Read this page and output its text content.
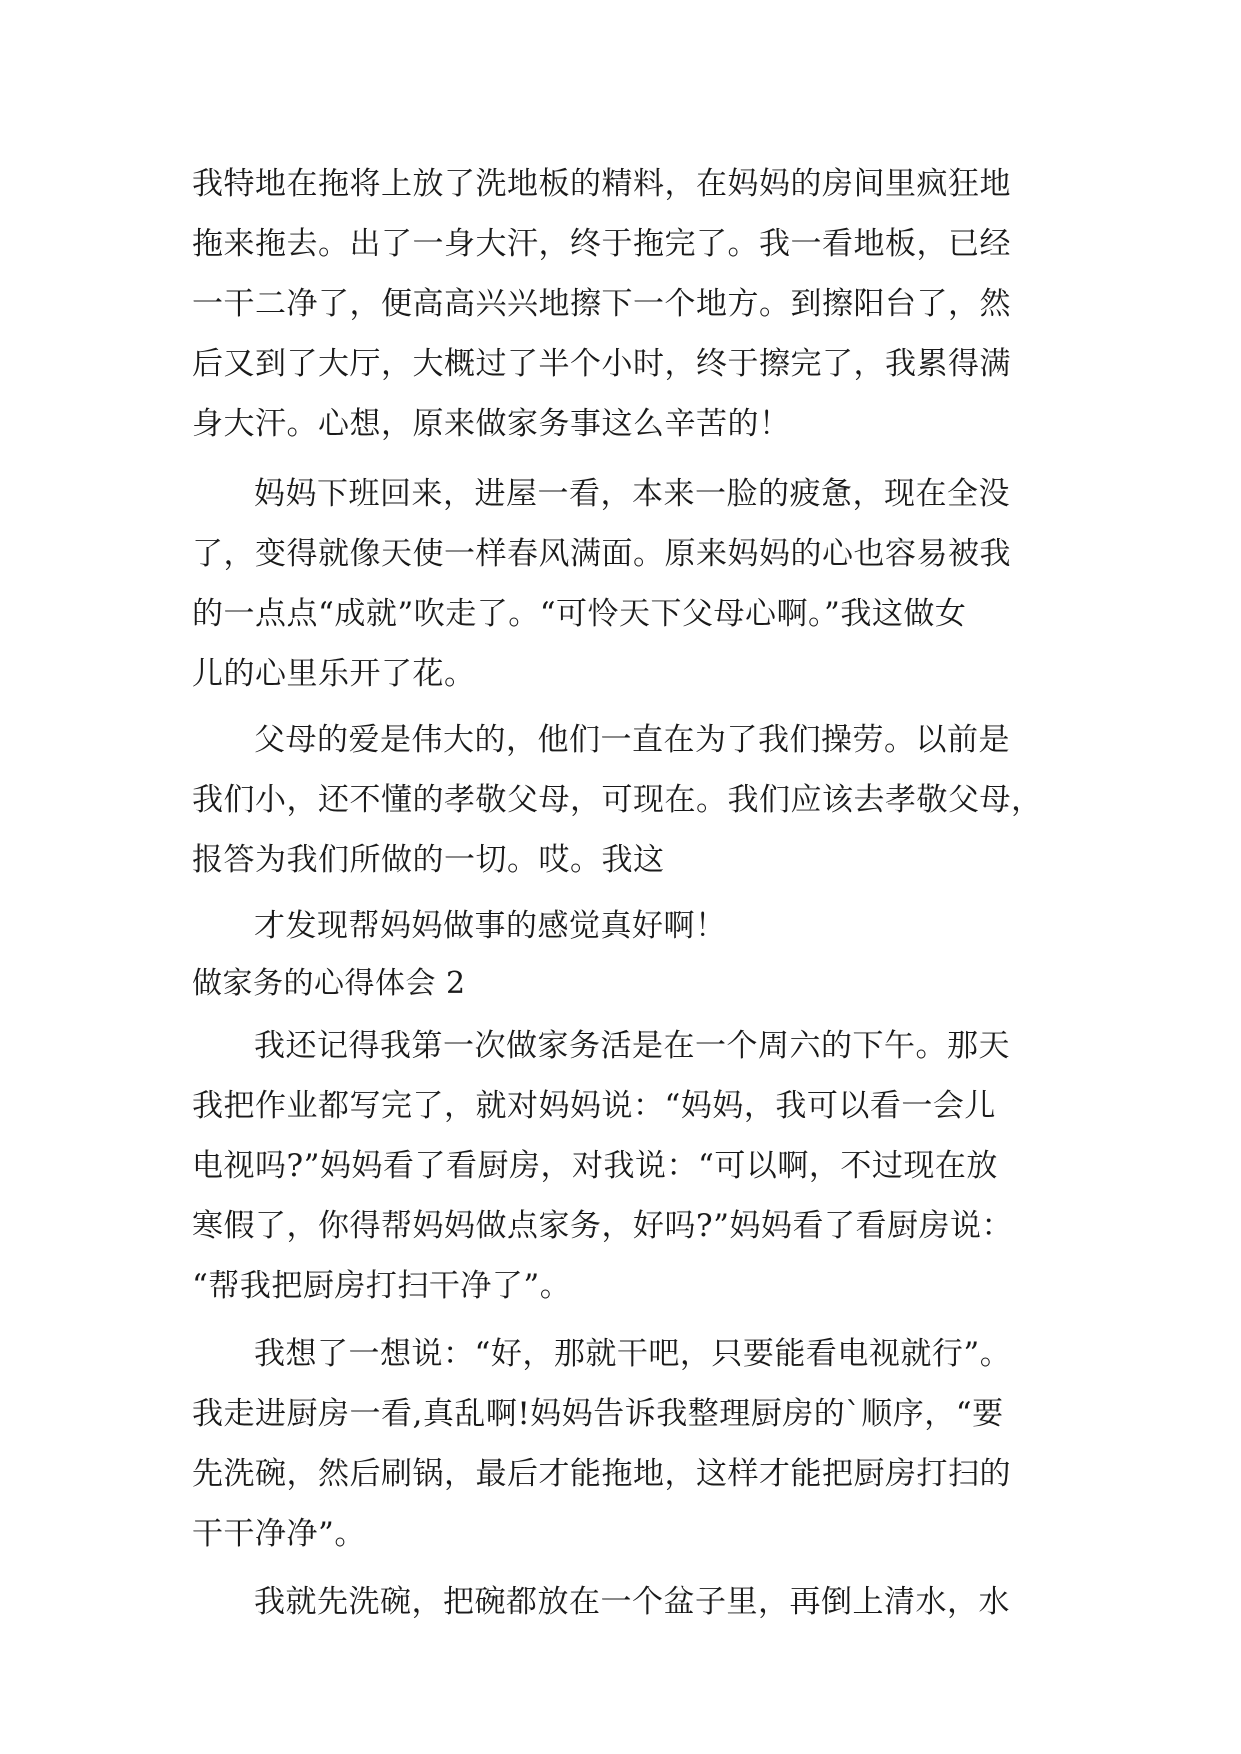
我特地在拖将上放了洗地板的精料，在妈妈的房间里疯狂地
拖来拖去。出了一身大汗，终于拖完了。我一看地板，已经
一干二净了，便高高兴兴地擦下一个地方。到擦阳台了，然
后又到了大厅，大概过了半个小时，终于擦完了，我累得满
身大汗。心想，原来做家务事这么辛苦的！
妈妈下班回来，进屋一看，本来一脸的疲惫，现在全没
了，变得就像天使一样春风满面。原来妈妈的心也容易被我
的一点点“成就”吹走了。“可怜天下父母心啊。”我这做女
儿的心里乐开了花。
父母的爱是伟大的，他们一直在为了我们操劳。以前是
我们小，还不懂的孝敬父母，可现在。我们应该去孝敬父母，
报答为我们所做的一切。哎。我这
才发现帮妈妈做事的感觉真好啊！
做家务的心得体会 2
我还记得我第一次做家务活是在一个周六的下午。那天
我把作业都写完了，就对妈妈说：“妈妈，我可以看一会儿
电视吗?”妈妈看了看厨房，对我说：“可以啊，不过现在放
寒假了，你得帮妈妈做点家务，好吗?”妈妈看了看厨房说：
“帮我把厨房打扫干净了”。
我想了一想说：“好，那就干吧，只要能看电视就行”。
我走进厨房一看,真乱啊!妈妈告诉我整理厨房的`顺序，“要
先洗碗，然后刷锅，最后才能拖地，这样才能把厨房打扫的
干干净净”。
我就先洗碗，把碗都放在一个盆子里，再倒上清水，水
